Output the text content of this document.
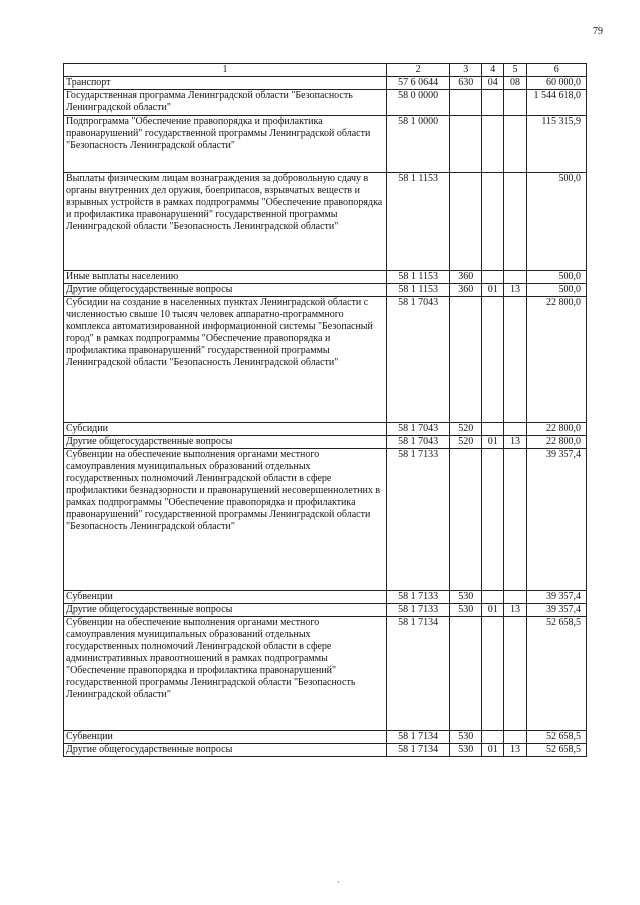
79
1	2	3	4	5	6
Транспорт	57 6 0644	630	04	08	60 000,0
Государственная программа Ленинградской области "Безопасность Ленинградской области"	58 0 0000				1 544 618,0
Подпрограмма "Обеспечение правопорядка и профилактика правонарушений" государственной программы Ленинградской области "Безопасность Ленинградской области"	58 1 0000				115 315,9
Выплаты физическим лицам вознаграждения за добровольную сдачу в органы внутренних дел оружия, боеприпасов, взрывчатых веществ и взрывных устройств в рамках подпрограммы "Обеспечение правопорядка и профилактика правонарушений" государственной программы Ленинградской области "Безопасность Ленинградской области"	58 1 1153				500,0
Иные выплаты населению	58 1 1153	360			500,0
Другие общегосударственные вопросы	58 1 1153	360	01	13	500,0
Субсидии на создание в населенных пунктах Ленинградской области с численностью свыше 10 тысяч человек аппаратно-программного комплекса автоматизированной информационной системы "Безопасный город" в рамках подпрограммы "Обеспечение правопорядка и профилактика правонарушений" государственной программы Ленинградской области "Безопасность Ленинградской области"	58 1 7043				22 800,0
Субсидии	58 1 7043	520			22 800,0
Другие общегосударственные вопросы	58 1 7043	520	01	13	22 800,0
Субвенции на обеспечение выполнения органами местного самоуправления муниципальных образований отдельных государственных полномочий Ленинградской области в сфере профилактики безнадзорности и правонарушений несовершеннолетних в рамках подпрограммы "Обеспечение правопорядка и профилактика правонарушений" государственной программы Ленинградской области "Безопасность Ленинградской области"	58 1 7133				39 357,4
Субвенции	58 1 7133	530			39 357,4
Другие общегосударственные вопросы	58 1 7133	530	01	13	39 357,4
Субвенции на обеспечение выполнения органами местного самоуправления муниципальных образований отдельных государственных полномочий Ленинградской области в сфере административных правоотношений в рамках подпрограммы "Обеспечение правопорядка и профилактика правонарушений" государственной программы Ленинградской области "Безопасность Ленинградской области"	58 1 7134				52 658,5
Субвенции	58 1 7134	530			52 658,5
Другие общегосударственные вопросы	58 1 7134	530	01	13	52 658,5
·
